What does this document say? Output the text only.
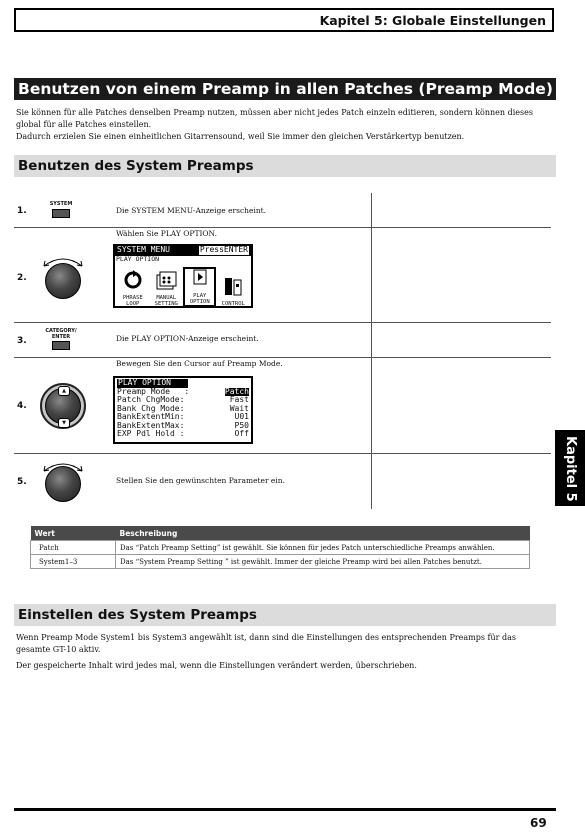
Kapitel 5: Globale Einstellungen
Benutzen von einem Preamp in allen Patches (Preamp Mode)
Sie können für alle Patches denselben Preamp nutzen, müssen aber nicht jedes Patch einzeln editieren, sondern können dieses
global für alle Patches einstellen.
Dadurch erzielen Sie einen einheitlichen Gitarrensound, weil Sie immer den gleichen Verstärkertyp benutzen.
Benutzen des System Preamps
1.
SYSTEM
Die SYSTEM MENU-Anzeige erscheint.
2.
Wählen Sie PLAY OPTION.
SYSTEM MENU	PressENTER
PLAY OPTION
PHRASE
LOOP
MANUAL
SETTING
PLAY
OPTION	CONTROL
3.
CATEGORY/
ENTER	Die PLAY OPTION-Anzeige erscheint.
4.
▲
▼
Bewegen Sie den Cursor auf Preamp Mode.
PLAY OPTION
Preamp Mode   :	Patch
Patch ChgMode:	Fast
Bank Chg Mode:	Wait
BankExtentMin:	U01
BankExtentMax:	P50
EXP Pdl Hold :	Off
5.	Stellen Sie den gewünschten Parameter ein.
Wert	Beschreibung
Patch	Das “Patch Preamp Setting” ist gewählt. Sie können für jedes Patch unterschiedliche Preamps anwählen.
System1–3	Das “System Preamp Setting ” ist gewählt. Immer der gleiche Preamp wird bei allen Patches benutzt.
Einstellen des System Preamps
Wenn Preamp Mode System1 bis System3 angewählt ist, dann sind die Einstellungen des entsprechenden Preamps für das
gesamte GT-10 aktiv.
Der gespeicherte Inhalt wird jedes mal, wenn die Einstellungen verändert werden, überschrieben.
Kapitel 5
69
